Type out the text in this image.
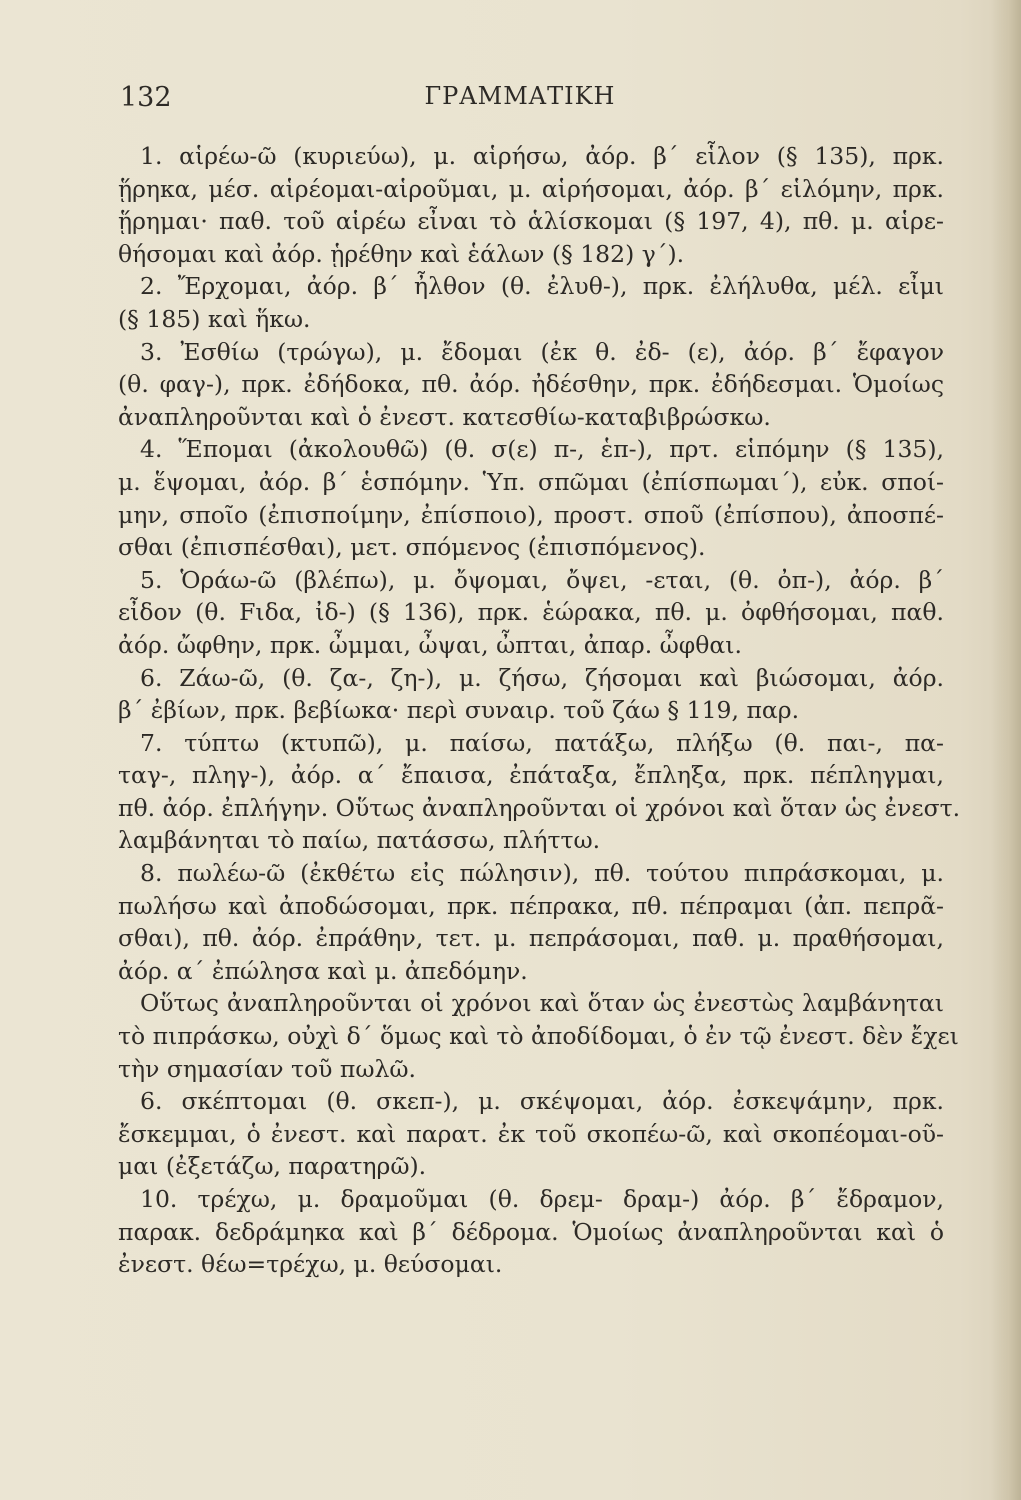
132	ΓΡΑΜΜΑΤΙΚΗ
1. αἱρέω-ῶ (κυριεύω), μ. αἱρήσω, ἀόρ. β΄ εἷλον (§ 135), πρκ.
ᾕρηκα, μέσ. αἱρέομαι-αἱροῦμαι, μ. αἱρήσομαι, ἀόρ. β΄ εἱλόμην, πρκ.
ᾕρημαι· παθ. τοῦ αἱρέω εἶναι τὸ ἁλίσκομαι (§ 197, 4), πθ. μ. αἱρε-
θήσομαι καὶ ἀόρ. ᾑρέθην καὶ ἑάλων (§ 182) γ΄).
2. Ἔρχομαι, ἀόρ. β΄ ἦλθον (θ. ἐλυθ-), πρκ. ἐλήλυθα, μέλ. εἶμι
(§ 185) καὶ ἥκω.
3. Ἐσθίω (τρώγω), μ. ἔδομαι (ἐκ θ. ἐδ- (ε), ἀόρ. β΄ ἔφαγον
(θ. φαγ-), πρκ. ἐδήδοκα, πθ. ἀόρ. ἠδέσθην, πρκ. ἐδήδεσμαι. Ὁμοίως
ἀναπληροῦνται καὶ ὁ ἐνεστ. κατεσθίω-καταβιβρώσκω.
4. Ἕπομαι (ἀκολουθῶ) (θ. σ(ε) π-, ἑπ-), πρτ. εἱπόμην (§ 135),
μ. ἕψομαι, ἀόρ. β΄ ἑσπόμην. Ὑπ. σπῶμαι (ἐπίσπωμαι΄), εὐκ. σποί-
μην, σποῖο (ἐπισποίμην, ἐπίσποιο), προστ. σποῦ (ἐπίσπου), ἀποσπέ-
σθαι (ἐπισπέσθαι), μετ. σπόμενος (ἐπισπόμενος).
5. Ὁράω-ῶ (βλέπω), μ. ὄψομαι, ὄψει, -εται, (θ. ὀπ-), ἀόρ. β΄
εἶδον (θ. Fιδα, ἰδ-) (§ 136), πρκ. ἑώρακα, πθ. μ. ὀφθήσομαι, παθ.
ἀόρ. ὤφθην, πρκ. ὦμμαι, ὦψαι, ὦπται, ἀπαρ. ὦφθαι.
6. Ζάω-ῶ, (θ. ζα-, ζη-), μ. ζήσω, ζήσομαι καὶ βιώσομαι, ἀόρ.
β΄ ἐβίων, πρκ. βεβίωκα· περὶ συναιρ. τοῦ ζάω § 119, παρ.
7. τύπτω (κτυπῶ), μ. παίσω, πατάξω, πλήξω (θ. παι-, πα-
ταγ-, πληγ-), ἀόρ. α΄ ἔπαισα, ἐπάταξα, ἔπληξα, πρκ. πέπληγμαι,
πθ. ἀόρ. ἐπλήγην. Οὕτως ἀναπληροῦνται οἱ χρόνοι καὶ ὅταν ὡς ἐνεστ.
λαμβάνηται τὸ παίω, πατάσσω, πλήττω.
8. πωλέω-ῶ (ἐκθέτω εἰς πώλησιν), πθ. τούτου πιπράσκομαι, μ.
πωλήσω καὶ ἀποδώσομαι, πρκ. πέπρακα, πθ. πέπραμαι (ἀπ. πεπρᾶ-
σθαι), πθ. ἀόρ. ἐπράθην, τετ. μ. πεπράσομαι, παθ. μ. πραθήσομαι,
ἀόρ. α΄ ἐπώλησα καὶ μ. ἀπεδόμην.
Οὕτως ἀναπληροῦνται οἱ χρόνοι καὶ ὅταν ὡς ἐνεστὼς λαμβάνηται
τὸ πιπράσκω, οὐχὶ δ΄ ὅμως καὶ τὸ ἀποδίδομαι, ὁ ἐν τῷ ἐνεστ. δὲν ἔχει
τὴν σημασίαν τοῦ πωλῶ.
6. σκέπτομαι (θ. σκεπ-), μ. σκέψομαι, ἀόρ. ἐσκεψάμην, πρκ.
ἔσκεμμαι, ὁ ἐνεστ. καὶ παρατ. ἐκ τοῦ σκοπέω-ῶ, καὶ σκοπέομαι-οῦ-
μαι (ἐξετάζω, παρατηρῶ).
10. τρέχω, μ. δραμοῦμαι (θ. δρεμ- δραμ-) ἀόρ. β΄ ἔδραμον,
παρακ. δεδράμηκα καὶ β΄ δέδρομα. Ὁμοίως ἀναπληροῦνται καὶ ὁ
ἐνεστ. θέω=τρέχω, μ. θεύσομαι.
